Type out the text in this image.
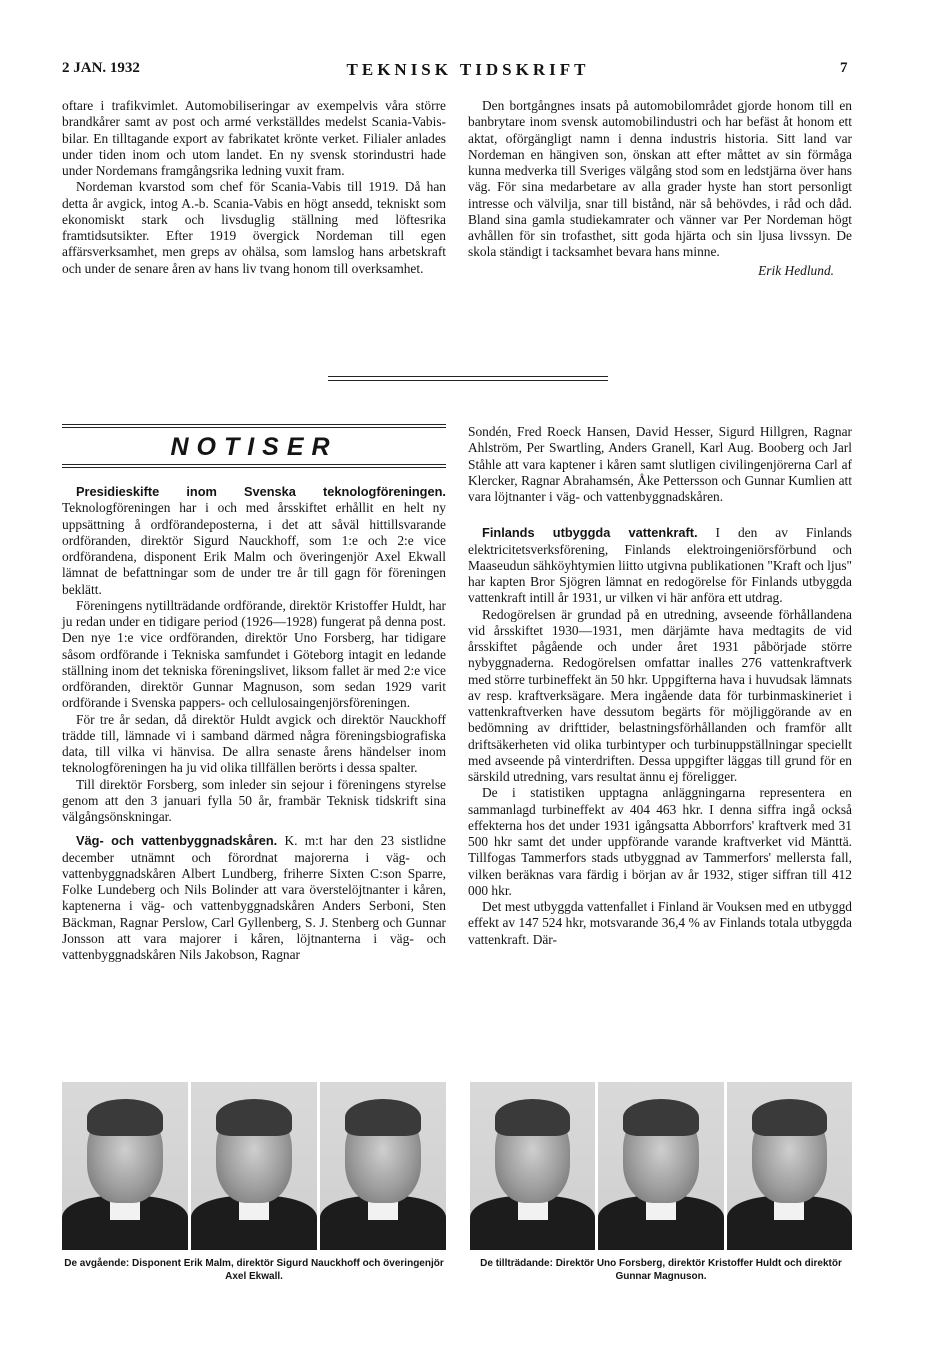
2 JAN. 1932	TEKNISK TIDSKRIFT	7

oftare i trafikvimlet. Automobiliseringar av exempelvis våra större brandkårer samt av post och armé verkställdes medelst Scania-Vabis-bilar. En tilltagande export av fabrikatet krönte verket. Filialer anlades under tiden inom och utom landet. En ny svensk storindustri hade under Nordemans framgångsrika ledning vuxit fram.

Nordeman kvarstod som chef för Scania-Vabis till 1919. Då han detta år avgick, intog A.-b. Scania-Vabis en högt ansedd, tekniskt som ekonomiskt stark och livsduglig ställning med löftesrika framtidsutsikter. Efter 1919 övergick Nordeman till egen affärsverksamhet, men greps av ohälsa, som lamslog hans arbetskraft och under de senare åren av hans liv tvang honom till overksamhet.

Den bortgångnes insats på automobilområdet gjorde honom till en banbrytare inom svensk automobilindustri och har befäst åt honom ett aktat, oförgängligt namn i denna industris historia. Sitt land var Nordeman en hängiven son, önskan att efter måttet av sin förmåga kunna medverka till Sveriges välgång stod som en ledstjärna över hans väg. För sina medarbetare av alla grader hyste han stort personligt intresse och välvilja, snar till bistånd, när så behövdes, i råd och dåd. Bland sina gamla studiekamrater och vänner var Per Nordeman högt avhållen för sin trofasthet, sitt goda hjärta och sin ljusa livssyn. De skola ständigt i tacksamhet bevara hans minne.

Erik Hedlund.
NOTISER

Presidieskifte inom Svenska teknologföreningen. Teknologföreningen har i och med årsskiftet erhållit en helt ny uppsättning å ordförandeposterna, i det att såväl hittillsvarande ordföranden, direktör Sigurd Nauckhoff, som 1:e och 2:e vice ordförandena, disponent Erik Malm och överingenjör Axel Ekwall lämnat de befattningar som de under tre år till gagn för föreningen beklätt.

Föreningens nytillträdande ordförande, direktör Kristoffer Huldt, har ju redan under en tidigare period (1926—1928) fungerat på denna post. Den nye 1:e vice ordföranden, direktör Uno Forsberg, har tidigare såsom ordförande i Tekniska samfundet i Göteborg intagit en ledande ställning inom det tekniska föreningslivet, liksom fallet är med 2:e vice ordföranden, direktör Gunnar Magnuson, som sedan 1929 varit ordförande i Svenska pappers- och cellulosaingenjörsföreningen.

För tre år sedan, då direktör Huldt avgick och direktör Nauckhoff trädde till, lämnade vi i samband därmed några föreningsbiografiska data, till vilka vi hänvisa. De allra senaste årens händelser inom teknologföreningen ha ju vid olika tillfällen berörts i dessa spalter.

Till direktör Forsberg, som inleder sin sejour i föreningens styrelse genom att den 3 januari fylla 50 år, frambär Teknisk tidskrift sina välgångsönskningar.

Väg- och vattenbyggnadskåren. K. m:t har den 23 sistlidne december utnämnt och förordnat majorerna i väg- och vattenbyggnadskåren Albert Lundberg, friherre Sixten C:son Sparre, Folke Lundeberg och Nils Bolinder att vara överstelöjtnanter i kåren, kaptenerna i väg- och vattenbyggnadskåren Anders Serboni, Sten Bäckman, Ragnar Perslow, Carl Gyllenberg, S. J. Stenberg och Gunnar Jonsson att vara majorer i kåren, löjtnanterna i väg- och vattenbyggnadskåren Nils Jakobson, Ragnar

Sondén, Fred Roeck Hansen, David Hesser, Sigurd Hillgren, Ragnar Ahlström, Per Swartling, Anders Granell, Karl Aug. Booberg och Jarl Ståhle att vara kaptener i kåren samt slutligen civilingenjörerna Carl af Klercker, Ragnar Abrahamsén, Åke Pettersson och Gunnar Kumlien att vara löjtnanter i väg- och vattenbyggnadskåren.

Finlands utbyggda vattenkraft. I den av Finlands elektricitetsverksförening, Finlands elektroingeniörsförbund och Maaseudun sähköyhtymien liitto utgivna publikationen "Kraft och ljus" har kapten Bror Sjögren lämnat en redogörelse för Finlands utbyggda vattenkraft intill år 1931, ur vilken vi här anföra ett utdrag.

Redogörelsen är grundad på en utredning, avseende förhållandena vid årsskiftet 1930—1931, men därjämte hava medtagits de vid årsskiftet pågående och under året 1931 påbörjade större nybyggnaderna. Redogörelsen omfattar inalles 276 vattenkraftverk med större turbineffekt än 50 hkr. Uppgifterna hava i huvudsak lämnats av resp. kraftverksägare. Mera ingående data för turbinmaskineriet i vattenkraftverken have dessutom begärts för möjliggörande av en bedömning av drifttider, belastningsförhållanden och framför allt driftsäkerheten vid olika turbintyper och turbinuppställningar speciellt med avseende på vinterdriften. Dessa uppgifter läggas till grund för en särskild utredning, vars resultat ännu ej föreligger.

De i statistiken upptagna anläggningarna representera en sammanlagd turbineffekt av 404 463 hkr. I denna siffra ingå också effekterna hos det under 1931 igångsatta Abborrfors' kraftverk med 31 500 hkr samt det under uppförande varande kraftverket vid Mänttä. Tillfogas Tammerfors stads utbyggnad av Tammerfors' mellersta fall, vilken beräknas vara färdig i början av år 1932, stiger siffran till 412 000 hkr.

Det mest utbyggda vattenfallet i Finland är Vouksen med en utbyggd effekt av 147 524 hkr, motsvarande 36,4 % av Finlands totala utbyggda vattenkraft. Där-

De avgående: Disponent Erik Malm, direktör Sigurd Nauckhoff och överingenjör Axel Ekwall.
De tillträdande: Direktör Uno Forsberg, direktör Kristoffer Huldt och direktör Gunnar Magnuson.
